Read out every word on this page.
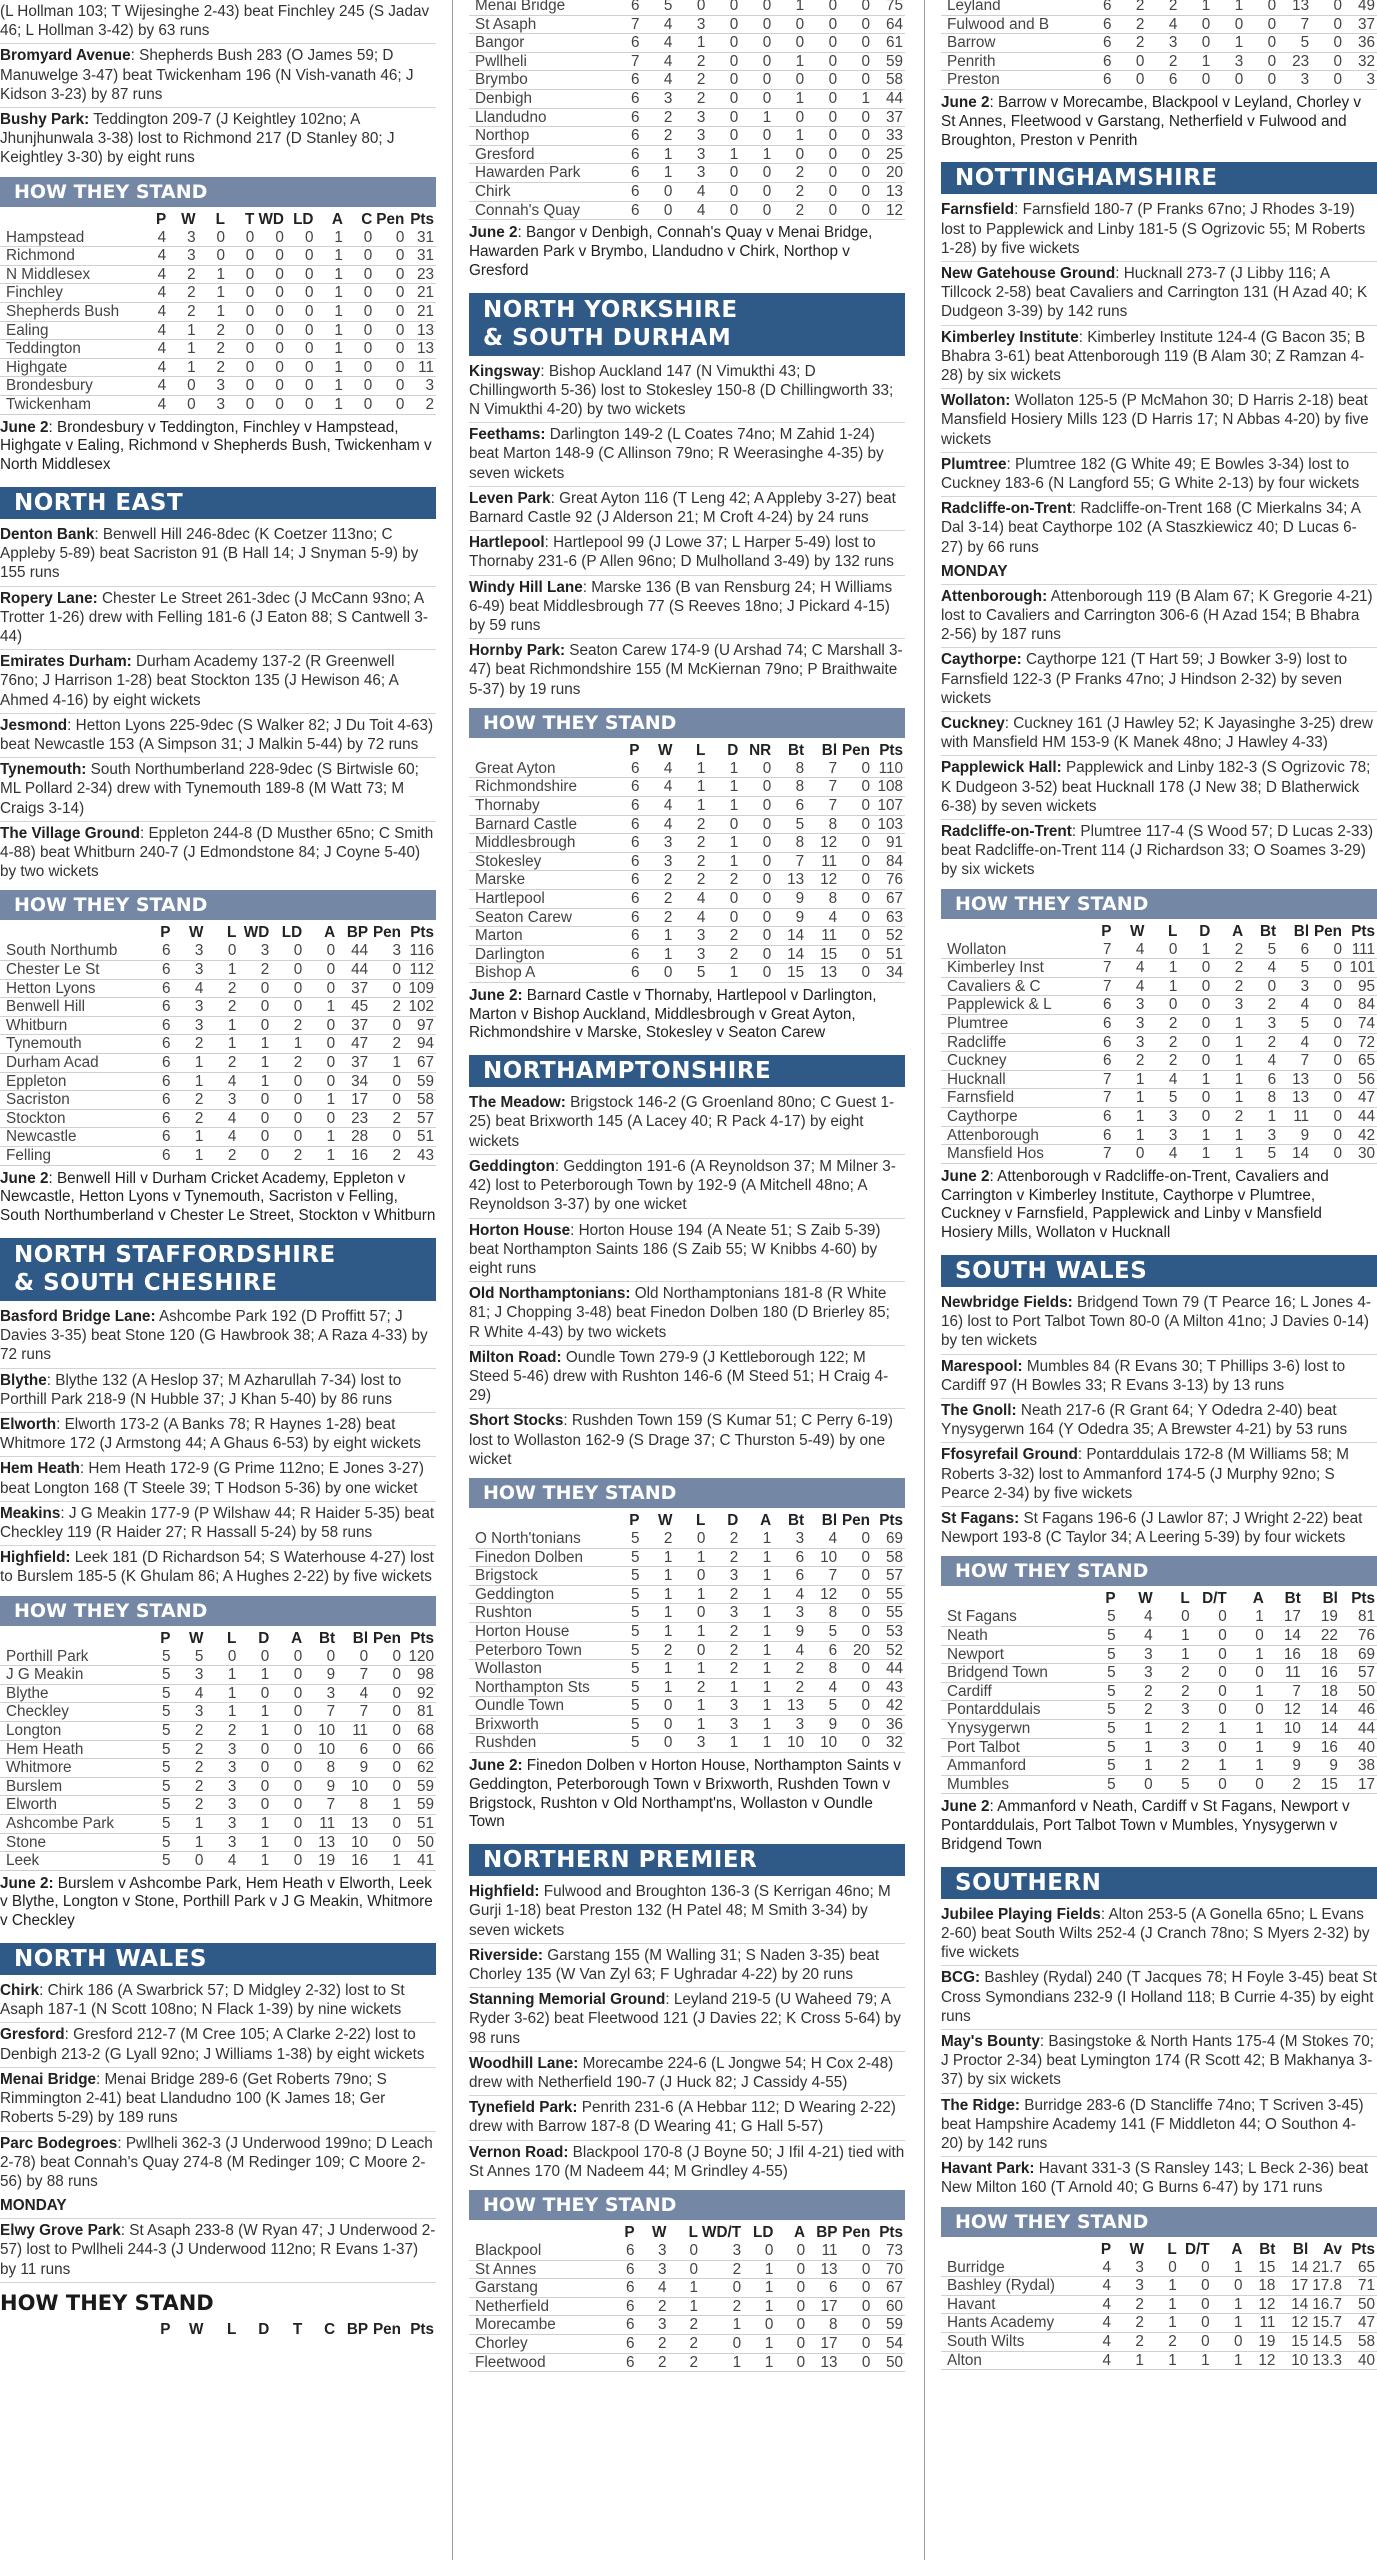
(L Hollman 103; T Wijesinghe 2-43) beat Finchley 245 (S Jadav 46; L Hollman 3-42) by 63 runs

Bromyard Avenue: Shepherds Bush 283 (O James 59; D Manuwelge 3-47) beat Twickenham 196 (N Vish-vanath 46; J Kidson 3-23) by 87 runs

Bushy Park: Teddington 209-7 (J Keightley 102no; A Jhunjhunwala 3-38) lost to Richmond 217 (D Stanley 80; J Keightley 3-30) by eight runs

HOW THEY STAND
	P	W	L	T	WD	LD	A	C	Pen	Pts
Hampstead	4	3	0	0	0	0	1	0	0	31
Richmond	4	3	0	0	0	0	1	0	0	31
N Middlesex	4	2	1	0	0	0	1	0	0	23
Finchley	4	2	1	0	0	0	1	0	0	21
Shepherds Bush	4	2	1	0	0	0	1	0	0	21
Ealing	4	1	2	0	0	0	1	0	0	13
Teddington	4	1	2	0	0	0	1	0	0	13
Highgate	4	1	2	0	0	0	1	0	0	11
Brondesbury	4	0	3	0	0	0	1	0	0	3
Twickenham	4	0	3	0	0	0	1	0	0	2
June 2: Brondesbury v Teddington, Finchley v Hampstead, Highgate v Ealing, Richmond v Shepherds Bush, Twickenham v North Middlesex
NORTH EAST

Denton Bank: Benwell Hill 246-8dec (K Coetzer 113no; C Appleby 5-89) beat Sacriston 91 (B Hall 14; J Snyman 5-9) by 155 runs

Ropery Lane: Chester Le Street 261-3dec (J McCann 93no; A Trotter 1-26) drew with Felling 181-6 (J Eaton 88; S Cantwell 3-44)

Emirates Durham: Durham Academy 137-2 (R Greenwell 76no; J Harrison 1-28) beat Stockton 135 (J Hewison 46; A Ahmed 4-16) by eight wickets

Jesmond: Hetton Lyons 225-9dec (S Walker 82; J Du Toit 4-63) beat Newcastle 153 (A Simpson 31; J Malkin 5-44) by 72 runs

Tynemouth: South Northumberland 228-9dec (S Birtwisle 60; ML Pollard 2-34) drew with Tynemouth 189-8 (M Watt 73; M Craigs 3-14)

The Village Ground: Eppleton 244-8 (D Musther 65no; C Smith 4-88) beat Whitburn 240-7 (J Edmondstone 84; J Coyne 5-40) by two wickets

HOW THEY STAND
	P	W	L	WD	LD	A	BP	Pen	Pts
South Northumb	6	3	0	3	0	0	44	3	116
Chester Le St	6	3	1	2	0	0	44	0	112
Hetton Lyons	6	4	2	0	0	0	37	0	109
Benwell Hill	6	3	2	0	0	1	45	2	102
Whitburn	6	3	1	0	2	0	37	0	97
Tynemouth	6	2	1	1	1	0	47	2	94
Durham Acad	6	1	2	1	2	0	37	1	67
Eppleton	6	1	4	1	0	0	34	0	59
Sacriston	6	2	3	0	0	1	17	0	58
Stockton	6	2	4	0	0	0	23	2	57
Newcastle	6	1	4	0	0	1	28	0	51
Felling	6	1	2	0	2	1	16	2	43
June 2: Benwell Hill v Durham Cricket Academy, Eppleton v Newcastle, Hetton Lyons v Tynemouth, Sacriston v Felling, South Northumberland v Chester Le Street, Stockton v Whitburn
NORTH STAFFORDSHIRE
& SOUTH CHESHIRE

Basford Bridge Lane: Ashcombe Park 192 (D Proffitt 57; J Davies 3-35) beat Stone 120 (G Hawbrook 38; A Raza 4-33) by 72 runs

Blythe: Blythe 132 (A Heslop 37; M Azharullah 7-34) lost to Porthill Park 218-9 (N Hubble 37; J Khan 5-40) by 86 runs

Elworth: Elworth 173-2 (A Banks 78; R Haynes 1-28) beat Whitmore 172 (J Armstong 44; A Ghaus 6-53) by eight wickets

Hem Heath: Hem Heath 172-9 (G Prime 112no; E Jones 3-27) beat Longton 168 (T Steele 39; T Hodson 5-36) by one wicket

Meakins: J G Meakin 177-9 (P Wilshaw 44; R Haider 5-35) beat Checkley 119 (R Haider 27; R Hassall 5-24) by 58 runs

Highfield: Leek 181 (D Richardson 54; S Waterhouse 4-27) lost to Burslem 185-5 (K Ghulam 86; A Hughes 2-22) by five wickets

HOW THEY STAND
	P	W	L	D	A	Bt	Bl	Pen	Pts
Porthill Park	5	5	0	0	0	0	0	0	120
J G Meakin	5	3	1	1	0	9	7	0	98
Blythe	5	4	1	0	0	3	4	0	92
Checkley	5	3	1	1	0	7	7	0	81
Longton	5	2	2	1	0	10	11	0	68
Hem Heath	5	2	3	0	0	10	6	0	66
Whitmore	5	2	3	0	0	8	9	0	62
Burslem	5	2	3	0	0	9	10	0	59
Elworth	5	2	3	0	0	7	8	1	59
Ashcombe Park	5	1	3	1	0	11	13	0	51
Stone	5	1	3	1	0	13	10	0	50
Leek	5	0	4	1	0	19	16	1	41
June 2: Burslem v Ashcombe Park, Hem Heath v Elworth, Leek v Blythe, Longton v Stone, Porthill Park v J G Meakin, Whitmore v Checkley
NORTH WALES

Chirk: Chirk 186 (A Swarbrick 57; D Midgley 2-32) lost to St Asaph 187-1 (N Scott 108no; N Flack 1-39) by nine wickets

Gresford: Gresford 212-7 (M Cree 105; A Clarke 2-22) lost to Denbigh 213-2 (G Lyall 92no; J Williams 1-38) by eight wickets

Menai Bridge: Menai Bridge 289-6 (Get Roberts 79no; S Rimmington 2-41) beat Llandudno 100 (K James 18; Ger Roberts 5-29) by 189 runs

Parc Bodegroes: Pwllheli 362-3 (J Underwood 199no; D Leach 2-78) beat Connah's Quay 274-8 (M Redinger 109; C Moore 2-56) by 88 runs

MONDAY

Elwy Grove Park: St Asaph 233-8 (W Ryan 47; J Underwood 2-57) lost to Pwllheli 244-3 (J Underwood 112no; R Evans 1-37) by 11 runs

HOW THEY STAND
	P	W	L	D	T	C	BP	Pen	Pts
Menai Bridge	6	5	0	0	0	1	0	0	75
St Asaph	7	4	3	0	0	0	0	0	64
Bangor	6	4	1	0	0	0	0	0	61
Pwllheli	7	4	2	0	0	1	0	0	59
Brymbo	6	4	2	0	0	0	0	0	58
Denbigh	6	3	2	0	0	1	0	1	44
Llandudno	6	2	3	0	1	0	0	0	37
Northop	6	2	3	0	0	1	0	0	33
Gresford	6	1	3	1	1	0	0	0	25
Hawarden Park	6	1	3	0	0	2	0	0	20
Chirk	6	0	4	0	0	2	0	0	13
Connah's Quay	6	0	4	0	0	2	0	0	12
June 2: Bangor v Denbigh, Connah's Quay v Menai Bridge, Hawarden Park v Brymbo, Llandudno v Chirk, Northop v Gresford
NORTH YORKSHIRE
& SOUTH DURHAM

Kingsway: Bishop Auckland 147 (N Vimukthi 43; D Chillingworth 5-36) lost to Stokesley 150-8 (D Chillingworth 33; N Vimukthi 4-20) by two wickets

Feethams: Darlington 149-2 (L Coates 74no; M Zahid 1-24) beat Marton 148-9 (C Allinson 79no; R Weerasinghe 4-35) by seven wickets

Leven Park: Great Ayton 116 (T Leng 42; A Appleby 3-27) beat Barnard Castle 92 (J Alderson 21; M Croft 4-24) by 24 runs

Hartlepool: Hartlepool 99 (J Lowe 37; L Harper 5-49) lost to Thornaby 231-6 (P Allen 96no; D Mulholland 3-49) by 132 runs

Windy Hill Lane: Marske 136 (B van Rensburg 24; H Williams 6-49) beat Middlesbrough 77 (S Reeves 18no; J Pickard 4-15) by 59 runs

Hornby Park: Seaton Carew 174-9 (U Arshad 74; C Marshall 3-47) beat Richmondshire 155 (M McKiernan 79no; P Braithwaite 5-37) by 19 runs

HOW THEY STAND
	P	W	L	D	NR	Bt	Bl	Pen	Pts
Great Ayton	6	4	1	1	0	8	7	0	110
Richmondshire	6	4	1	1	0	8	7	0	108
Thornaby	6	4	1	1	0	6	7	0	107
Barnard Castle	6	4	2	0	0	5	8	0	103
Middlesbrough	6	3	2	1	0	8	12	0	91
Stokesley	6	3	2	1	0	7	11	0	84
Marske	6	2	2	2	0	13	12	0	76
Hartlepool	6	2	4	0	0	9	8	0	67
Seaton Carew	6	2	4	0	0	9	4	0	63
Marton	6	1	3	2	0	14	11	0	52
Darlington	6	1	3	2	0	14	15	0	51
Bishop A	6	0	5	1	0	15	13	0	34
June 2: Barnard Castle v Thornaby, Hartlepool v Darlington, Marton v Bishop Auckland, Middlesbrough v Great Ayton, Richmondshire v Marske, Stokesley v Seaton Carew
NORTHAMPTONSHIRE

The Meadow: Brigstock 146-2 (G Groenland 80no; C Guest 1-25) beat Brixworth 145 (A Lacey 40; R Pack 4-17) by eight wickets

Geddington: Geddington 191-6 (A Reynoldson 37; M Milner 3-42) lost to Peterborough Town by 192-9 (A Mitchell 48no; A Reynoldson 3-37) by one wicket

Horton House: Horton House 194 (A Neate 51; S Zaib 5-39) beat Northampton Saints 186 (S Zaib 55; W Knibbs 4-60) by eight runs

Old Northamptonians: Old Northamptonians 181-8 (R White 81; J Chopping 3-48) beat Finedon Dolben 180 (D Brierley 85; R White 4-43) by two wickets

Milton Road: Oundle Town 279-9 (J Kettleborough 122; M Steed 5-46) drew with Rushton 146-6 (M Steed 51; H Craig 4-29)

Short Stocks: Rushden Town 159 (S Kumar 51; C Perry 6-19) lost to Wollaston 162-9 (S Drage 37; C Thurston 5-49) by one wicket

HOW THEY STAND
	P	W	L	D	A	Bt	Bl	Pen	Pts
O North'tonians	5	2	0	2	1	3	4	0	69
Finedon Dolben	5	1	1	2	1	6	10	0	58
Brigstock	5	1	0	3	1	6	7	0	57
Geddington	5	1	1	2	1	4	12	0	55
Rushton	5	1	0	3	1	3	8	0	55
Horton House	5	1	1	2	1	9	5	0	53
Peterboro Town	5	2	0	2	1	4	6	20	52
Wollaston	5	1	1	2	1	2	8	0	44
Northampton Sts	5	1	2	1	1	2	4	0	43
Oundle Town	5	0	1	3	1	13	5	0	42
Brixworth	5	0	1	3	1	3	9	0	36
Rushden	5	0	3	1	1	10	10	0	32
June 2: Finedon Dolben v Horton House, Northampton Saints v Geddington, Peterborough Town v Brixworth, Rushden Town v Brigstock, Rushton v Old Northampt'ns, Wollaston v Oundle Town
NORTHERN PREMIER

Highfield: Fulwood and Broughton 136-3 (S Kerrigan 46no; M Gurji 1-18) beat Preston 132 (H Patel 48; M Smith 3-34) by seven wickets

Riverside: Garstang 155 (M Walling 31; S Naden 3-35) beat Chorley 135 (W Van Zyl 63; F Ughradar 4-22) by 20 runs

Stanning Memorial Ground: Leyland 219-5 (U Waheed 79; A Ryder 3-62) beat Fleetwood 121 (J Davies 22; K Cross 5-64) by 98 runs

Woodhill Lane: Morecambe 224-6 (L Jongwe 54; H Cox 2-48) drew with Netherfield 190-7 (J Huck 82; J Cassidy 4-55)

Tynefield Park: Penrith 231-6 (A Hebbar 112; D Wearing 2-22) drew with Barrow 187-8 (D Wearing 41; G Hall 5-57)

Vernon Road: Blackpool 170-8 (J Boyne 50; J Ifil 4-21) tied with St Annes 170 (M Nadeem 44; M Grindley 4-55)

HOW THEY STAND
	P	W	L	WD/T	LD	A	BP	Pen	Pts
Blackpool	6	3	0	3	0	0	11	0	73
St Annes	6	3	0	2	1	0	13	0	70
Garstang	6	4	1	0	1	0	6	0	67
Netherfield	6	2	1	2	1	0	17	0	60
Morecambe	6	3	2	1	0	0	8	0	59
Chorley	6	2	2	0	1	0	17	0	54
Fleetwood	6	2	2	1	1	0	13	0	50
Leyland	6	2	2	1	1	0	13	0	49
Fulwood and B	6	2	4	0	0	0	7	0	37
Barrow	6	2	3	0	1	0	5	0	36
Penrith	6	0	2	1	3	0	23	0	32
Preston	6	0	6	0	0	0	3	0	3
June 2: Barrow v Morecambe, Blackpool v Leyland, Chorley v St Annes, Fleetwood v Garstang, Netherfield v Fulwood and Broughton, Preston v Penrith
NOTTINGHAMSHIRE

Farnsfield: Farnsfield 180-7 (P Franks 67no; J Rhodes 3-19) lost to Papplewick and Linby 181-5 (S Ogrizovic 55; M Roberts 1-28) by five wickets

New Gatehouse Ground: Hucknall 273-7 (J Libby 116; A Tillcock 2-58) beat Cavaliers and Carrington 131 (H Azad 40; K Dudgeon 3-39) by 142 runs

Kimberley Institute: Kimberley Institute 124-4 (G Bacon 35; B Bhabra 3-61) beat Attenborough 119 (B Alam 30; Z Ramzan 4-28) by six wickets

Wollaton: Wollaton 125-5 (P McMahon 30; D Harris 2-18) beat Mansfield Hosiery Mills 123 (D Harris 17; N Abbas 4-20) by five wickets

Plumtree: Plumtree 182 (G White 49; E Bowles 3-34) lost to Cuckney 183-6 (N Langford 55; G White 2-13) by four wickets

Radcliffe-on-Trent: Radcliffe-on-Trent 168 (C Mierkalns 34; A Dal 3-14) beat Caythorpe 102 (A Staszkiewicz 40; D Lucas 6-27) by 66 runs

MONDAY

Attenborough: Attenborough 119 (B Alam 67; K Gregorie 4-21) lost to Cavaliers and Carrington 306-6 (H Azad 154; B Bhabra 2-56) by 187 runs

Caythorpe: Caythorpe 121 (T Hart 59; J Bowker 3-9) lost to Farnsfield 122-3 (P Franks 47no; J Hindson 2-32) by seven wickets

Cuckney: Cuckney 161 (J Hawley 52; K Jayasinghe 3-25) drew with Mansfield HM 153-9 (K Manek 48no; J Hawley 4-33)

Papplewick Hall: Papplewick and Linby 182-3 (S Ogrizovic 78; K Dudgeon 3-52) beat Hucknall 178 (J New 38; D Blatherwick 6-38) by seven wickets

Radcliffe-on-Trent: Plumtree 117-4 (S Wood 57; D Lucas 2-33) beat Radcliffe-on-Trent 114 (J Richardson 33; O Soames 3-29) by six wickets

HOW THEY STAND
	P	W	L	D	A	Bt	Bl	Pen	Pts
Wollaton	7	4	0	1	2	5	6	0	111
Kimberley Inst	7	4	1	0	2	4	5	0	101
Cavaliers & C	7	4	1	0	2	0	3	0	95
Papplewick & L	6	3	0	0	3	2	4	0	84
Plumtree	6	3	2	0	1	3	5	0	74
Radcliffe	6	3	2	0	1	2	4	0	72
Cuckney	6	2	2	0	1	4	7	0	65
Hucknall	7	1	4	1	1	6	13	0	56
Farnsfield	7	1	5	0	1	8	13	0	47
Caythorpe	6	1	3	0	2	1	11	0	44
Attenborough	6	1	3	1	1	3	9	0	42
Mansfield Hos	7	0	4	1	1	5	14	0	30
June 2: Attenborough v Radcliffe-on-Trent, Cavaliers and Carrington v Kimberley Institute, Caythorpe v Plumtree, Cuckney v Farnsfield, Papplewick and Linby v Mansfield Hosiery Mills, Wollaton v Hucknall
SOUTH WALES

Newbridge Fields: Bridgend Town 79 (T Pearce 16; L Jones 4-16) lost to Port Talbot Town 80-0 (A Milton 41no; J Davies 0-14) by ten wickets

Marespool: Mumbles 84 (R Evans 30; T Phillips 3-6) lost to Cardiff 97 (H Bowles 33; R Evans 3-13) by 13 runs

The Gnoll: Neath 217-6 (R Grant 64; Y Odedra 2-40) beat Ynysygerwn 164 (Y Odedra 35; A Brewster 4-21) by 53 runs

Ffosyrefail Ground: Pontarddulais 172-8 (M Williams 58; M Roberts 3-32) lost to Ammanford 174-5 (J Murphy 92no; S Pearce 2-34) by five wickets

St Fagans: St Fagans 196-6 (J Lawlor 87; J Wright 2-22) beat Newport 193-8 (C Taylor 34; A Leering 5-39) by four wickets

HOW THEY STAND
	P	W	L	D/T	A	Bt	Bl	Pts
St Fagans	5	4	0	0	1	17	19	81
Neath	5	4	1	0	0	14	22	76
Newport	5	3	1	0	1	16	18	69
Bridgend Town	5	3	2	0	0	11	16	57
Cardiff	5	2	2	0	1	7	18	50
Pontarddulais	5	2	3	0	0	12	14	46
Ynysygerwn	5	1	2	1	1	10	14	44
Port Talbot	5	1	3	0	1	9	16	40
Ammanford	5	1	2	1	1	9	9	38
Mumbles	5	0	5	0	0	2	15	17
June 2: Ammanford v Neath, Cardiff v St Fagans, Newport v Pontarddulais, Port Talbot Town v Mumbles, Ynysygerwn v Bridgend Town
SOUTHERN

Jubilee Playing Fields: Alton 253-5 (A Gonella 65no; L Evans 2-60) beat South Wilts 252-4 (J Cranch 78no; S Myers 2-32) by five wickets

BCG: Bashley (Rydal) 240 (T Jacques 78; H Foyle 3-45) beat St Cross Symondians 232-9 (I Holland 118; B Currie 4-35) by eight runs

May's Bounty: Basingstoke & North Hants 175-4 (M Stokes 70; J Proctor 2-34) beat Lymington 174 (R Scott 42; B Makhanya 3-37) by six wickets

The Ridge: Burridge 283-6 (D Stancliffe 74no; T Scriven 3-45) beat Hampshire Academy 141 (F Middleton 44; O Southon 4-20) by 142 runs

Havant Park: Havant 331-3 (S Ransley 143; L Beck 2-36) beat New Milton 160 (T Arnold 40; G Burns 6-47) by 171 runs

HOW THEY STAND
	P	W	L	D/T	A	Bt	Bl	Av	Pts
Burridge	4	3	0	0	1	15	14	21.7	65
Bashley (Rydal)	4	3	1	0	0	18	17	17.8	71
Havant	4	2	1	0	1	12	14	16.7	50
Hants Academy	4	2	1	0	1	11	12	15.7	47
South Wilts	4	2	2	0	0	19	15	14.5	58
Alton	4	1	1	1	1	12	10	13.3	40
